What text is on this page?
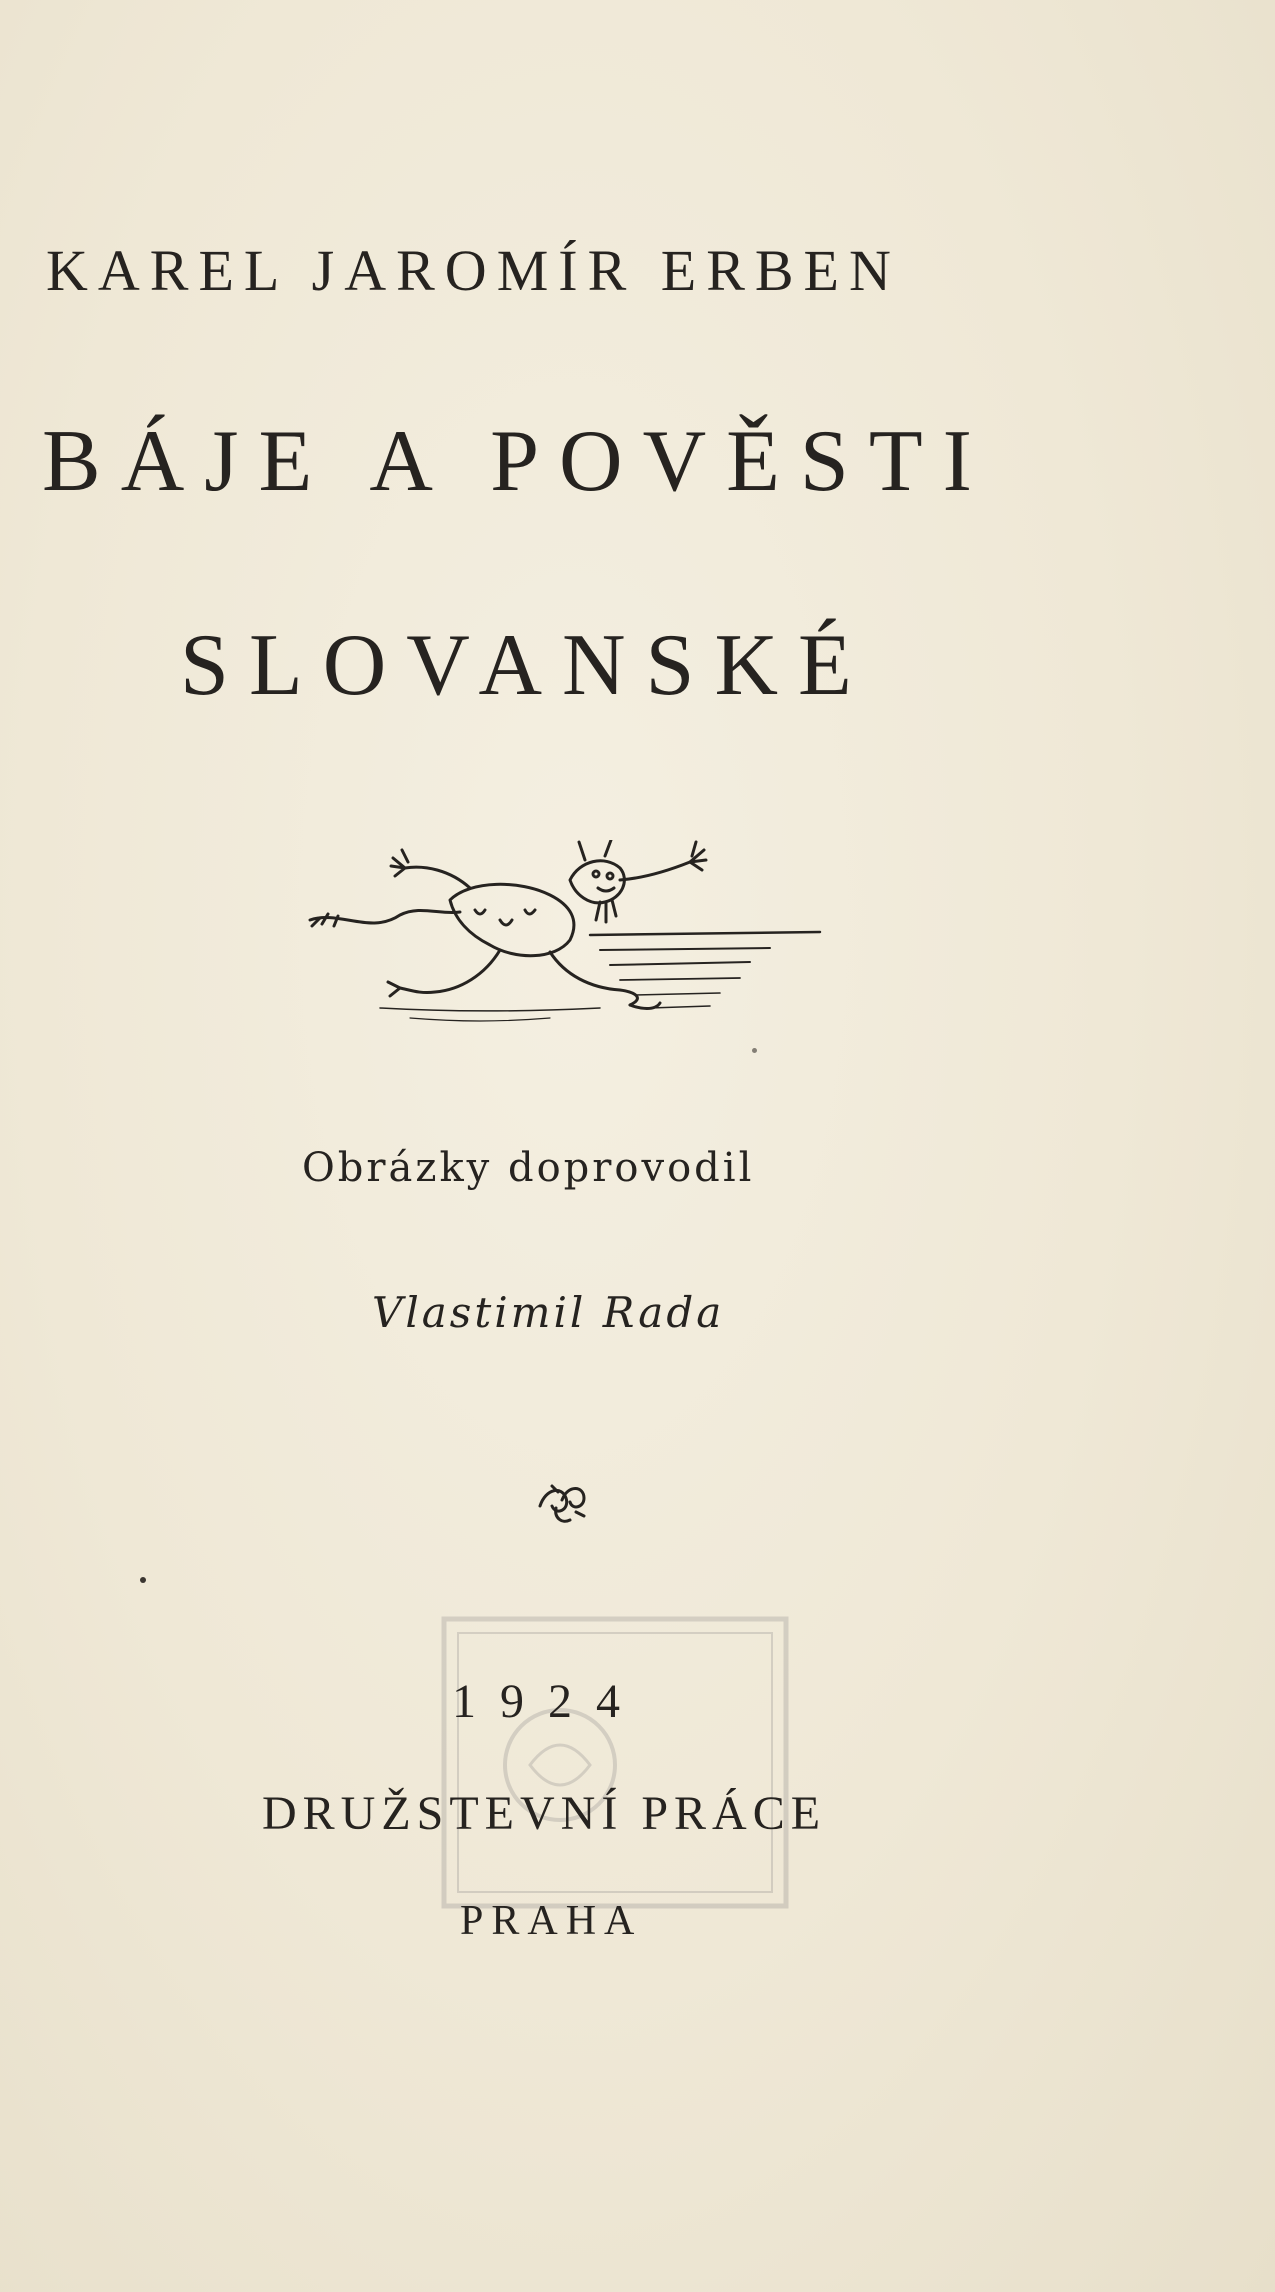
KAREL JAROMÍR ERBEN
BÁJE A POVĚSTI
SLOVANSKÉ
Obrázky doprovodil
Vlastimil Rada
1924
DRUŽSTEVNÍ PRÁCE
PRAHA
